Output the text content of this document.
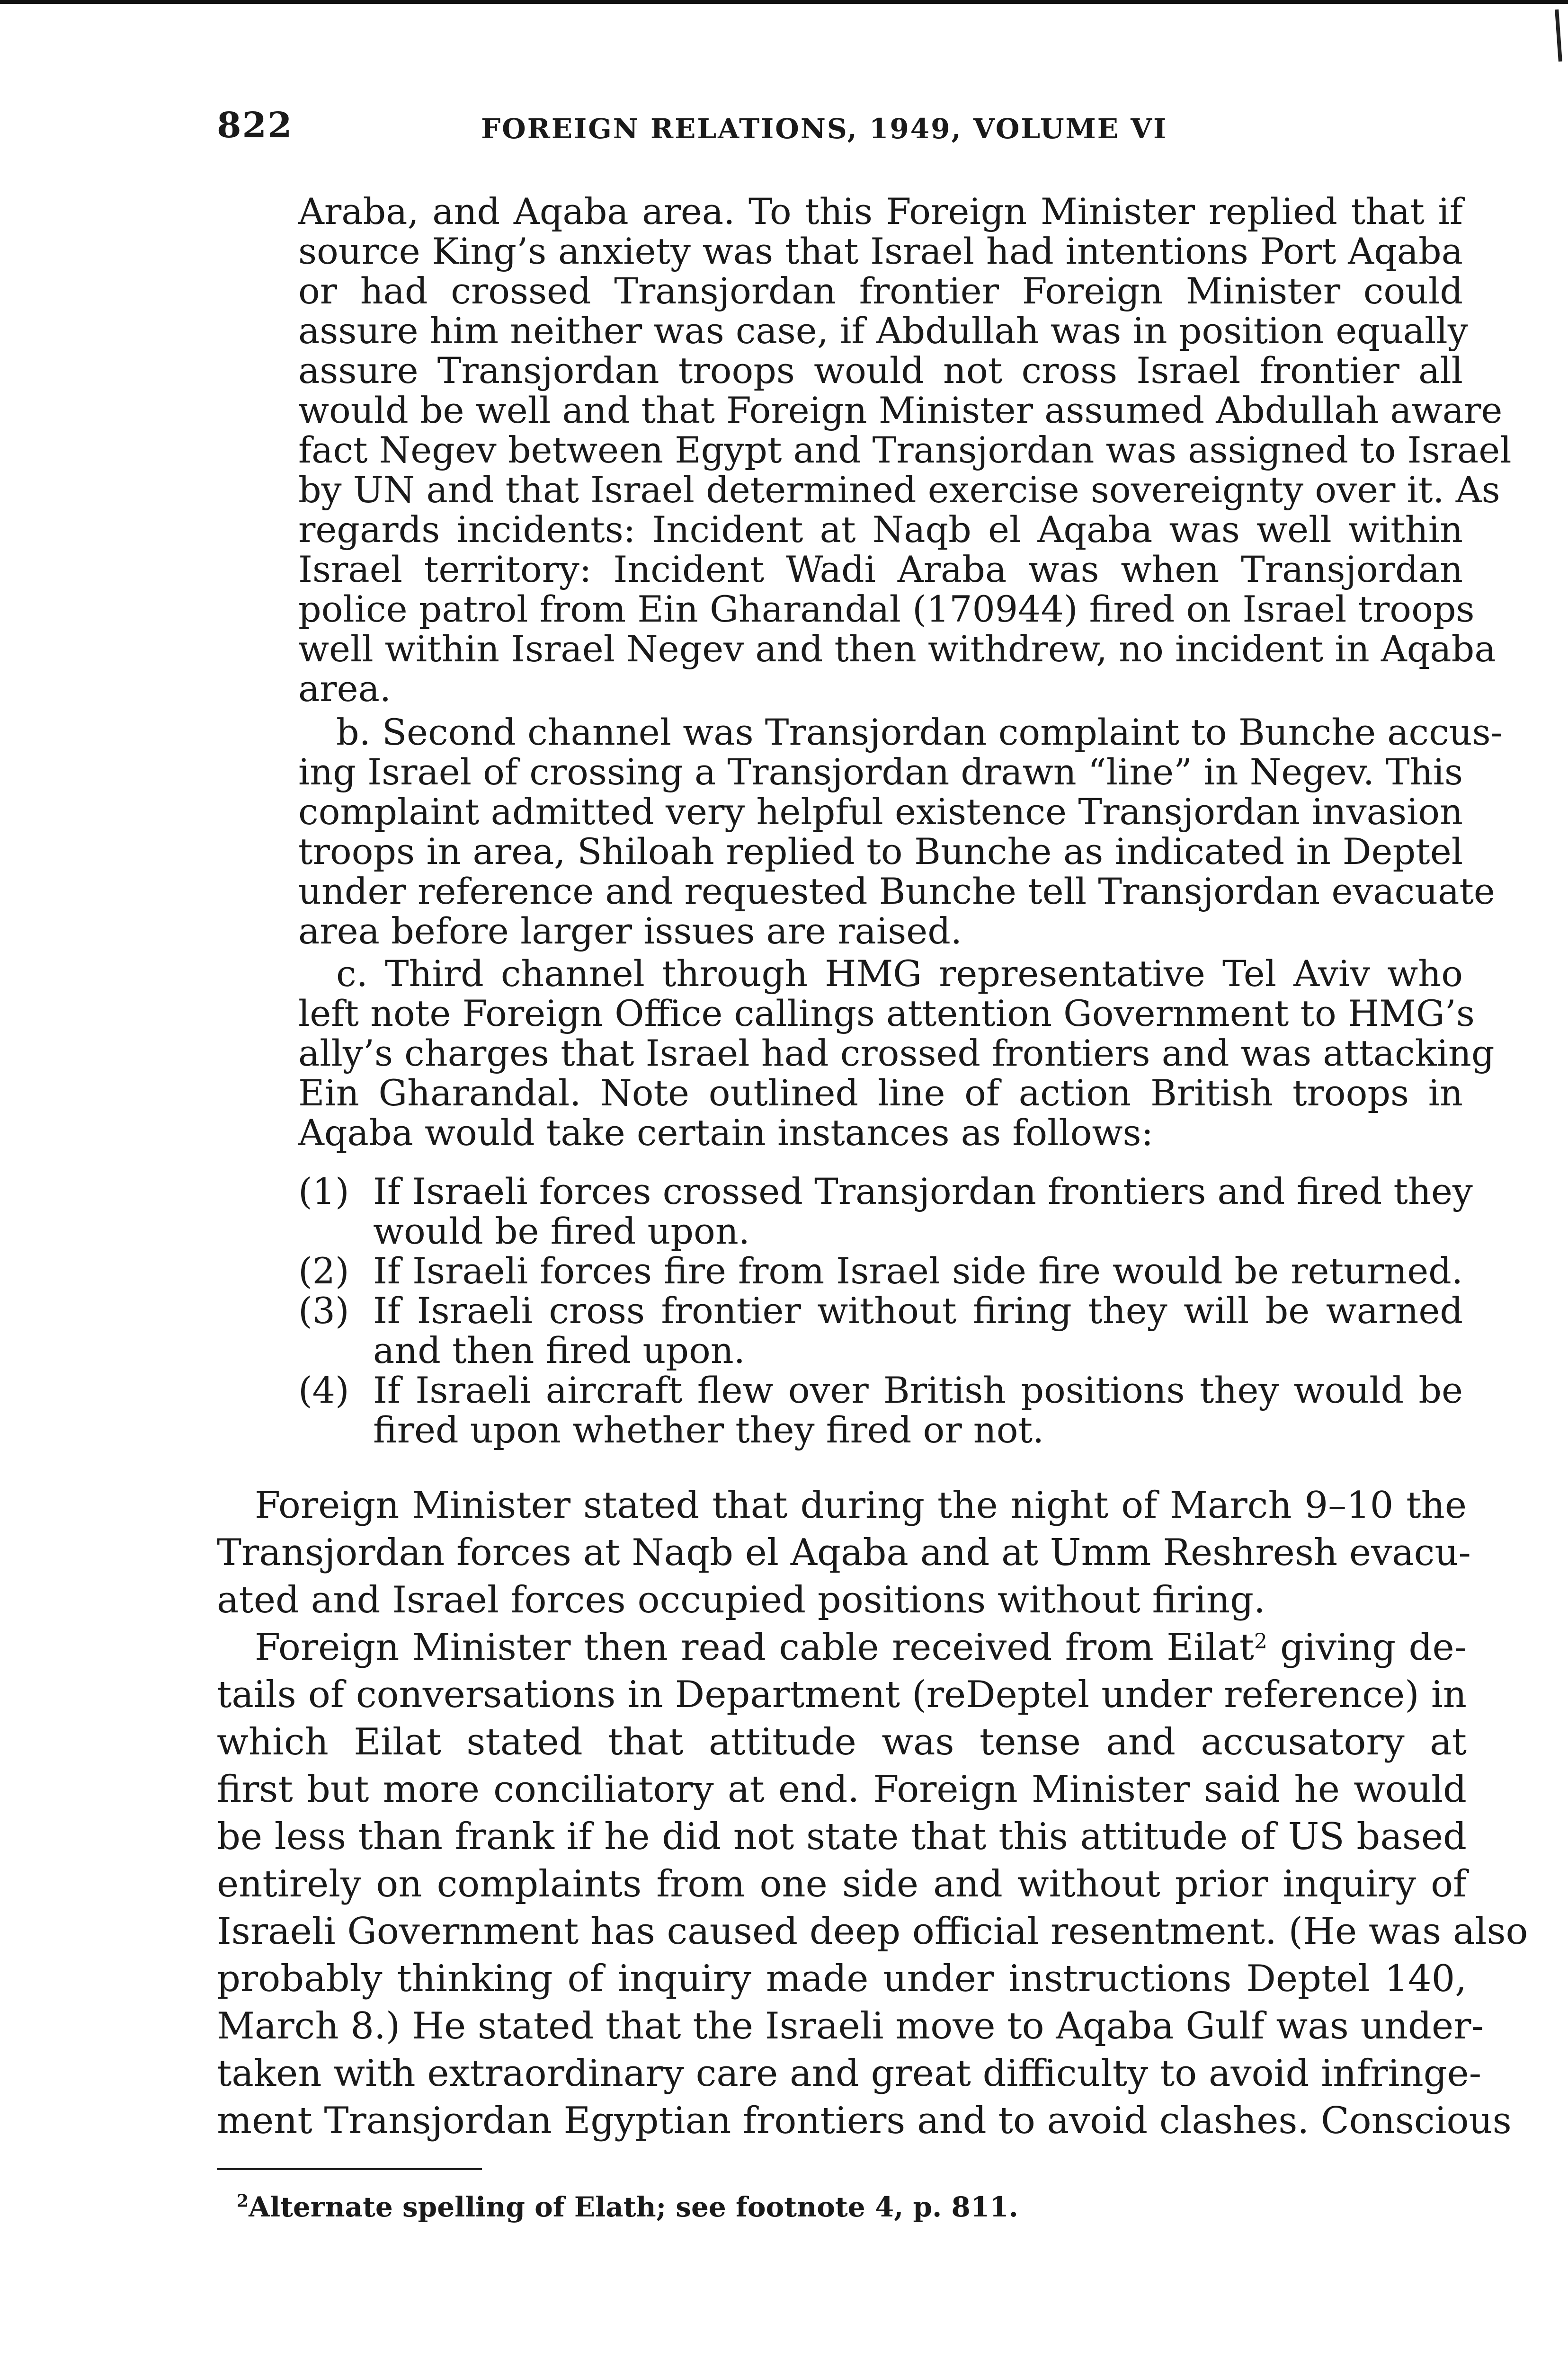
822	FOREIGN RELATIONS, 1949, VOLUME VI
Araba, and Aqaba area. To this Foreign Minister replied that if
source King’s anxiety was that Israel had intentions Port Aqaba
or had crossed Transjordan frontier Foreign Minister could
assure him neither was case, if Abdullah was in position equally
assure Transjordan troops would not cross Israel frontier all
would be well and that Foreign Minister assumed Abdullah aware
fact Negev between Egypt and Transjordan was assigned to Israel
by UN and that Israel determined exercise sovereignty over it. As
regards incidents: Incident at Naqb el Aqaba was well within
Israel territory: Incident Wadi Araba was when Transjordan
police patrol from Ein Gharandal (170944) fired on Israel troops
well within Israel Negev and then withdrew, no incident in Aqaba
area.
b. Second channel was Transjordan complaint to Bunche accus-
ing Israel of crossing a Transjordan drawn “line” in Negev. This
complaint admitted very helpful existence Transjordan invasion
troops in area, Shiloah replied to Bunche as indicated in Deptel
under reference and requested Bunche tell Transjordan evacuate
area before larger issues are raised.
c. Third channel through HMG representative Tel Aviv who
left note Foreign Office callings attention Government to HMG’s
ally’s charges that Israel had crossed frontiers and was attacking
Ein Gharandal. Note outlined line of action British troops in
Aqaba would take certain instances as follows:
(1) If Israeli forces crossed Transjordan frontiers and fired they
would be fired upon.
(2) If Israeli forces fire from Israel side fire would be returned.
(3) If Israeli cross frontier without firing they will be warned
and then fired upon.
(4) If Israeli aircraft flew over British positions they would be
fired upon whether they fired or not.
Foreign Minister stated that during the night of March 9–10 the
Transjordan forces at Naqb el Aqaba and at Umm Reshresh evacu-
ated and Israel forces occupied positions without firing.
Foreign Minister then read cable received from Eilat$^2$ giving de-
tails of conversations in Department (reDeptel under reference) in
which Eilat stated that attitude was tense and accusatory at
first but more conciliatory at end. Foreign Minister said he would
be less than frank if he did not state that this attitude of US based
entirely on complaints from one side and without prior inquiry of
Israeli Government has caused deep official resentment. (He was also
probably thinking of inquiry made under instructions Deptel 140,
March 8.) He stated that the Israeli move to Aqaba Gulf was under-
taken with extraordinary care and great difficulty to avoid infringe-
ment Transjordan Egyptian frontiers and to avoid clashes. Conscious
$^2$Alternate spelling of Elath; see footnote 4, p. 811.
